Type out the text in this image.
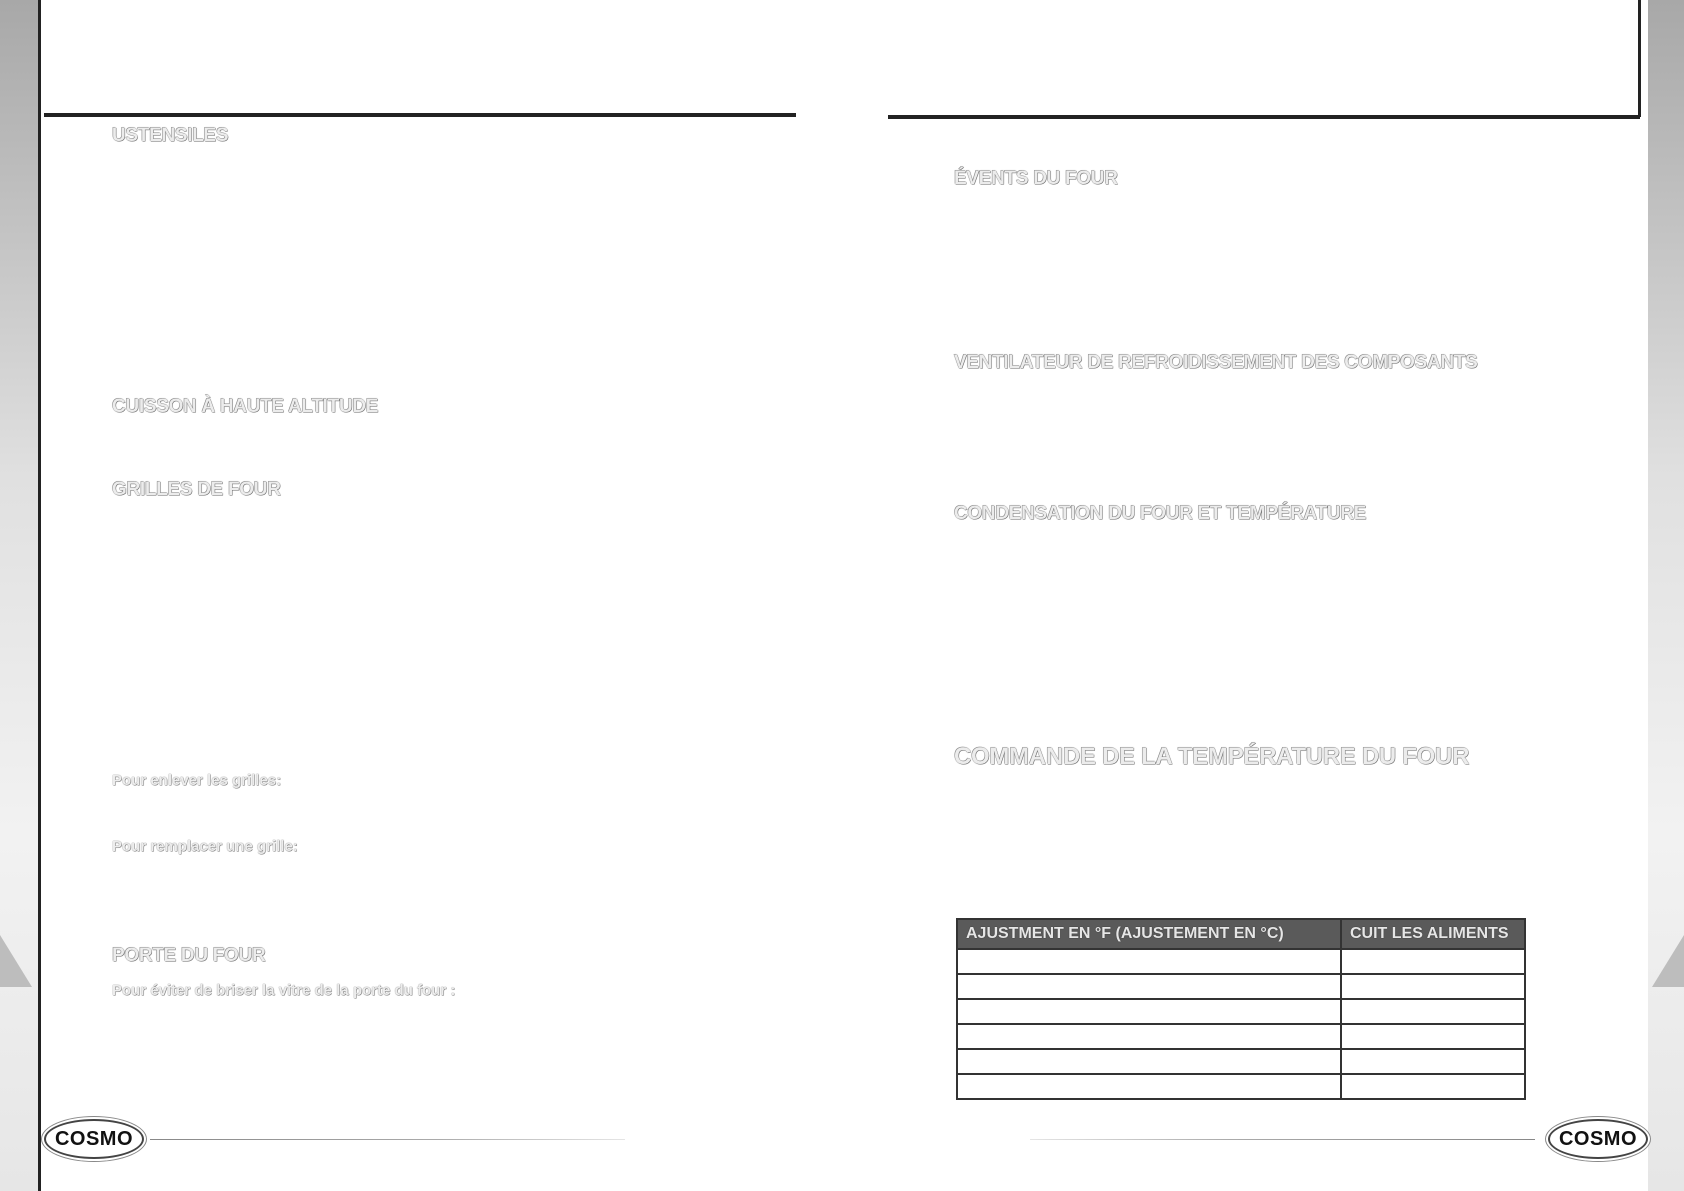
USTENSILES
CUISSON À HAUTE ALTITUDE
GRILLES DE FOUR
Pour enlever les grilles:
Pour remplacer une grille:
PORTE DU FOUR
Pour éviter de briser la vitre de la porte du four :
ÉVENTS DU FOUR
VENTILATEUR DE REFROIDISSEMENT DES COMPOSANTS
CONDENSATION DU FOUR ET TEMPÉRATURE
COMMANDE DE LA TEMPÉRATURE DU FOUR
AJUSTMENT EN °F (AJUSTEMENT EN °C)	CUIT LES ALIMENTS

COSMO	COSMO
